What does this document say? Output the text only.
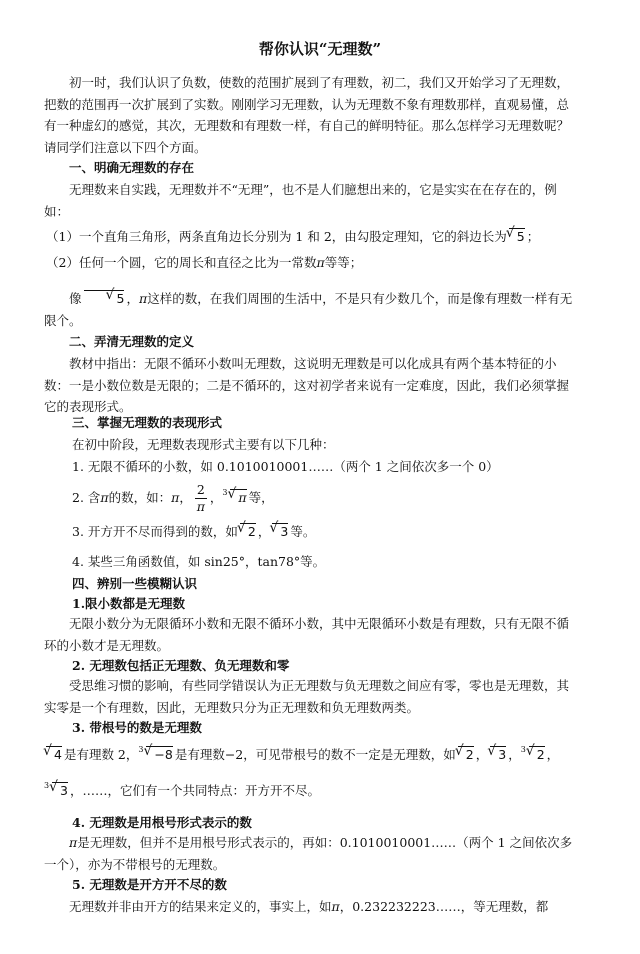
帮你认识“无理数”
初一时，我们认识了负数，使数的范围扩展到了有理数，初二，我们又开始学习了无理数，把数的范围再一次扩展到了实数。刚刚学习无理数，认为无理数不象有理数那样，直观易懂，总有一种虚幻的感觉，其次，无理数和有理数一样，有自己的鲜明特征。那么怎样学习无理数呢？请同学们注意以下四个方面。
一、明确无理数的存在
无理数来自实践，无理数并不“无理”，也不是人们臆想出来的，它是实实在在存在的，例如：
（1）一个直角三角形，两条直角边长分别为 1 和 2，由勾股定理知，它的斜边长为 √ 5 ；
（2）任何一个圆，它的周长和直径之比为一常数π等等；
像	√ 5 ，π这样的数，在我们周围的生活中，不是只有少数几个，而是像有理数一样有无限个。
二、弄清无理数的定义
教材中指出：无限不循环小数叫无理数，这说明无理数是可以化成具有两个基本特征的小数：一是小数位数是无限的；二是不循环的，这对初学者来说有一定难度，因此，我们必须掌握它的表现形式。
三、掌握无理数的表现形式
在初中阶段，无理数表现形式主要有以下几种：
1. 无限不循环的小数，如 0.1010010001……（两个 1 之间依次多一个 0）
2. 含π的数，如：π， $\frac{2}{\pi}$ ， 3 √ π 等，
3. 开方开不尽而得到的数，如 √ 2 ， √ 3 等。
4. 某些三角函数值，如 sin25°，tan78°等。
四、辨别一些模糊认识
1.限小数都是无理数
无限小数分为无限循环小数和无限不循环小数，其中无限循环小数是有理数，只有无限不循环的小数才是无理数。
2. 无理数包括正无理数、负无理数和零
受思维习惯的影响，有些同学错误认为正无理数与负无理数之间应有零，零也是无理数，其实零是一个有理数，因此，无理数只分为正无理数和负无理数两类。
3. 带根号的数是无理数
√ 4 是有理数 2， 3 √ −8 是有理数−2，可见带根号的数不一定是无理数，如 √ 2 ， √ 3 ， 3 √ 2 ，
3 √ 3 ，……，它们有一个共同特点：开方开不尽。
4. 无理数是用根号形式表示的数
π是无理数，但并不是用根号形式表示的，再如：0.1010010001……（两个 1 之间依次多一个），亦为不带根号的无理数。
5. 无理数是开方开不尽的数
无理数并非由开方的结果来定义的，事实上，如π，0.232232223……，等无理数，都
